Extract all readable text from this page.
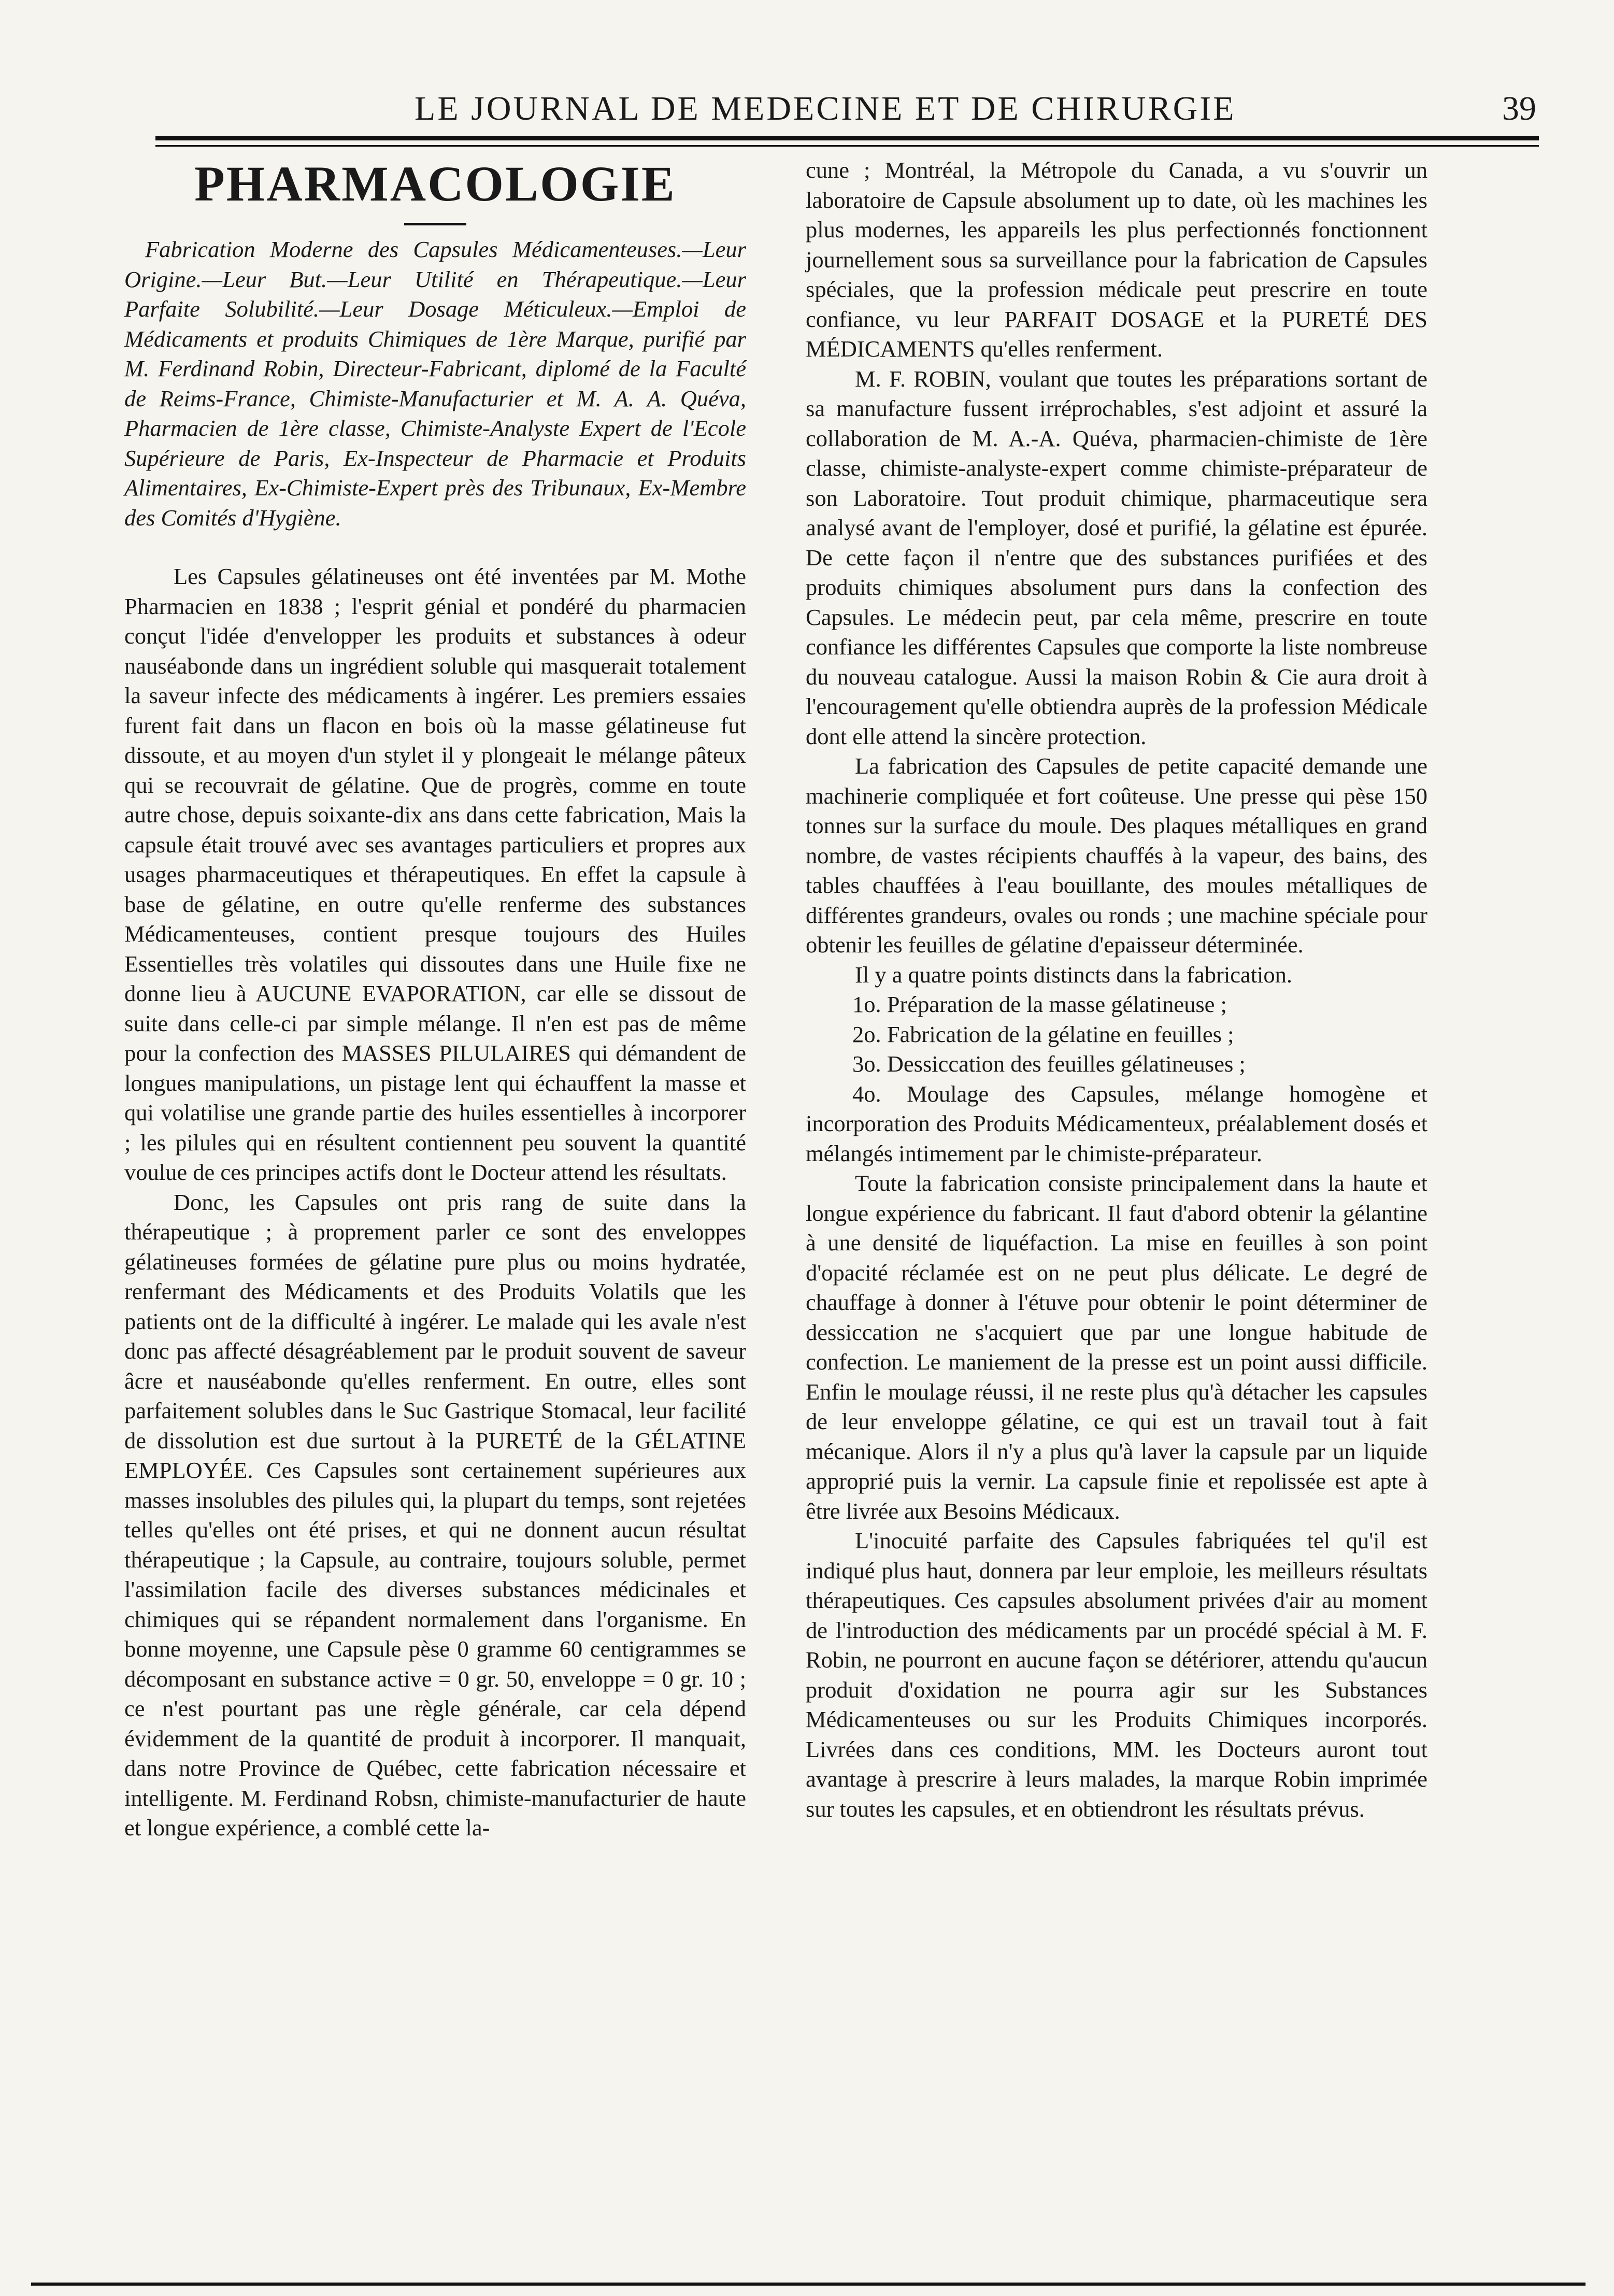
LE JOURNAL DE MEDECINE ET DE CHIRURGIE	39
PHARMACOLOGIE

Fabrication Moderne des Capsules Médicamenteuses.—Leur Origine.—Leur But.—Leur Utilité en Thérapeutique.—Leur Parfaite Solubilité.—Leur Dosage Méticuleux.—Emploi de Médicaments et produits Chimiques de 1ère Marque, purifié par M. Ferdinand Robin, Directeur-Fabricant, diplomé de la Faculté de Reims-France, Chimiste-Manufacturier et M. A. A. Quéva, Pharmacien de 1ère classe, Chimiste-Analyste Expert de l'Ecole Supérieure de Paris, Ex-Inspecteur de Pharmacie et Produits Alimentaires, Ex-Chimiste-Expert près des Tribunaux, Ex-Membre des Comités d'Hygiène.

Les Capsules gélatineuses ont été inventées par M. Mothe Pharmacien en 1838 ; l'esprit génial et pondéré du pharmacien conçut l'idée d'envelopper les produits et substances à odeur nauséabonde dans un ingrédient soluble qui masquerait totalement la saveur infecte des médicaments à ingérer. Les premiers essaies furent fait dans un flacon en bois où la masse gélatineuse fut dissoute, et au moyen d'un stylet il y plongeait le mélange pâteux qui se recouvrait de gélatine. Que de progrès, comme en toute autre chose, depuis soixante-dix ans dans cette fabrication, Mais la capsule était trouvé avec ses avantages particuliers et propres aux usages pharmaceutiques et thérapeutiques. En effet la capsule à base de gélatine, en outre qu'elle renferme des substances Médicamenteuses, contient presque toujours des Huiles Essentielles très volatiles qui dissoutes dans une Huile fixe ne donne lieu à AUCUNE EVAPORATION, car elle se dissout de suite dans celle-ci par simple mélange. Il n'en est pas de même pour la confection des MASSES PILULAIRES qui démandent de longues manipulations, un pistage lent qui échauffent la masse et qui volatilise une grande partie des huiles essentielles à incorporer ; les pilules qui en résultent contiennent peu souvent la quantité voulue de ces principes actifs dont le Docteur attend les résultats.

Donc, les Capsules ont pris rang de suite dans la thérapeutique ; à proprement parler ce sont des enveloppes gélatineuses formées de gélatine pure plus ou moins hydratée, renfermant des Médicaments et des Produits Volatils que les patients ont de la difficulté à ingérer. Le malade qui les avale n'est donc pas affecté désagréablement par le produit souvent de saveur âcre et nauséabonde qu'elles renferment. En outre, elles sont parfaitement solubles dans le Suc Gastrique Stomacal, leur facilité de dissolution est due surtout à la PURETÉ de la GÉLATINE EMPLOYÉE. Ces Capsules sont certainement supérieures aux masses insolubles des pilules qui, la plupart du temps, sont rejetées telles qu'elles ont été prises, et qui ne donnent aucun résultat thérapeutique ; la Capsule, au contraire, toujours soluble, permet l'assimilation facile des diverses substances médicinales et chimiques qui se répandent normalement dans l'organisme. En bonne moyenne, une Capsule pèse 0 gramme 60 centigrammes se décomposant en substance active = 0 gr. 50, enveloppe = 0 gr. 10 ; ce n'est pourtant pas une règle générale, car cela dépend évidemment de la quantité de produit à incorporer. Il manquait, dans notre Province de Québec, cette fabrication nécessaire et intelligente. M. Ferdinand Robsn, chimiste-manufacturier de haute et longue expérience, a comblé cette la-

cune ; Montréal, la Métropole du Canada, a vu s'ouvrir un laboratoire de Capsule absolument up to date, où les machines les plus modernes, les appareils les plus perfectionnés fonctionnent journellement sous sa surveillance pour la fabrication de Capsules spéciales, que la profession médicale peut prescrire en toute confiance, vu leur PARFAIT DOSAGE et la PURETÉ DES MÉDICAMENTS qu'elles renferment.

M. F. ROBIN, voulant que toutes les préparations sortant de sa manufacture fussent irréprochables, s'est adjoint et assuré la collaboration de M. A.-A. Quéva, pharmacien-chimiste de 1ère classe, chimiste-analyste-expert comme chimiste-préparateur de son Laboratoire. Tout produit chimique, pharmaceutique sera analysé avant de l'employer, dosé et purifié, la gélatine est épurée. De cette façon il n'entre que des substances purifiées et des produits chimiques absolument purs dans la confection des Capsules. Le médecin peut, par cela même, prescrire en toute confiance les différentes Capsules que comporte la liste nombreuse du nouveau catalogue. Aussi la maison Robin & Cie aura droit à l'encouragement qu'elle obtiendra auprès de la profession Médicale dont elle attend la sincère protection.

La fabrication des Capsules de petite capacité demande une machinerie compliquée et fort coûteuse. Une presse qui pèse 150 tonnes sur la surface du moule. Des plaques métalliques en grand nombre, de vastes récipients chauffés à la vapeur, des bains, des tables chauffées à l'eau bouillante, des moules métalliques de différentes grandeurs, ovales ou ronds ; une machine spéciale pour obtenir les feuilles de gélatine d'epaisseur déterminée.

Il y a quatre points distincts dans la fabrication.

1o. Préparation de la masse gélatineuse ;

2o. Fabrication de la gélatine en feuilles ;

3o. Dessiccation des feuilles gélatineuses ;

4o. Moulage des Capsules, mélange homogène et incorporation des Produits Médicamenteux, préalablement dosés et mélangés intimement par le chimiste-préparateur.

Toute la fabrication consiste principalement dans la haute et longue expérience du fabricant. Il faut d'abord obtenir la gélantine à une densité de liquéfaction. La mise en feuilles à son point d'opacité réclamée est on ne peut plus délicate. Le degré de chauffage à donner à l'étuve pour obtenir le point déterminer de dessiccation ne s'acquiert que par une longue habitude de confection. Le maniement de la presse est un point aussi difficile. Enfin le moulage réussi, il ne reste plus qu'à détacher les capsules de leur enveloppe gélatine, ce qui est un travail tout à fait mécanique. Alors il n'y a plus qu'à laver la capsule par un liquide approprié puis la vernir. La capsule finie et repolissée est apte à être livrée aux Besoins Médicaux.

L'inocuité parfaite des Capsules fabriquées tel qu'il est indiqué plus haut, donnera par leur emploie, les meilleurs résultats thérapeutiques. Ces capsules absolument privées d'air au moment de l'introduction des médicaments par un procédé spécial à M. F. Robin, ne pourront en aucune façon se détériorer, attendu qu'aucun produit d'oxidation ne pourra agir sur les Substances Médicamenteuses ou sur les Produits Chimiques incorporés. Livrées dans ces conditions, MM. les Docteurs auront tout avantage à prescrire à leurs malades, la marque Robin imprimée sur toutes les capsules, et en obtiendront les résultats prévus.
